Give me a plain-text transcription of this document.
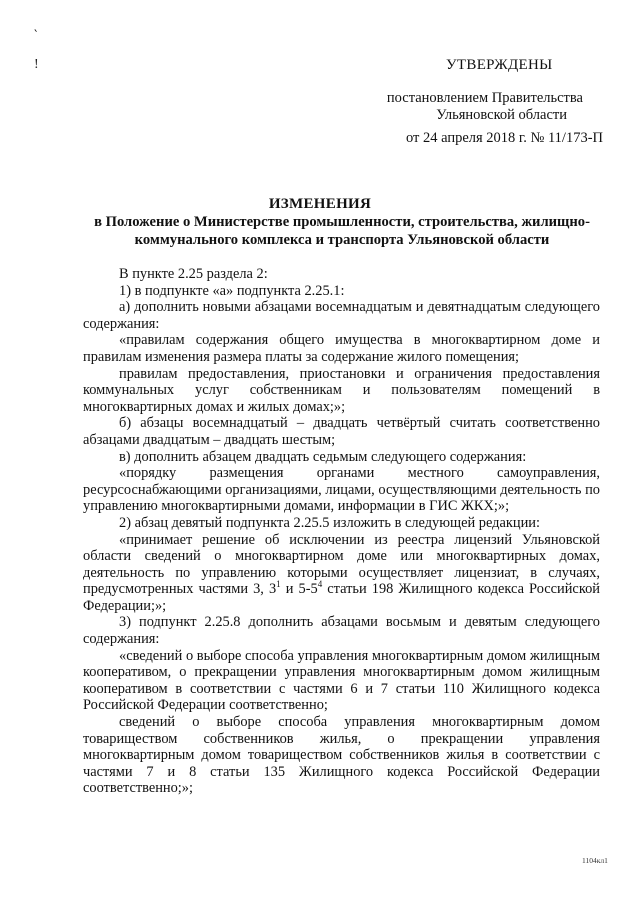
‵
!	УТВЕРЖДЕНЫ
постановлением Правительства
Ульяновской области
от 24 апреля 2018 г. № 11/173-П
ИЗМЕНЕНИЯ
в Положение о Министерстве промышленности, строительства, жилищно-коммунального комплекса и транспорта Ульяновской области

В пункте 2.25 раздела 2:

1) в подпункте «а» подпункта 2.25.1:

а) дополнить новыми абзацами восемнадцатым и девятнадцатым следующего содержания:

«правилам содержания общего имущества в многоквартирном доме и правилам изменения размера платы за содержание жилого помещения;

правилам предоставления, приостановки и ограничения предоставления коммунальных услуг собственникам и пользователям помещений в многоквартирных домах и жилых домах;»;

б) абзацы восемнадцатый – двадцать четвёртый считать соответственно абзацами двадцатым – двадцать шестым;

в) дополнить абзацем двадцать седьмым следующего содержания:

«порядку размещения органами местного самоуправления, ресурсоснабжающими организациями, лицами, осуществляющими деятельность по управлению многоквартирными домами, информации в ГИС ЖКХ;»;

2) абзац девятый подпункта 2.25.5 изложить в следующей редакции:

«принимает решение об исключении из реестра лицензий Ульяновской области сведений о многоквартирном доме или многоквартирных домах, деятельность по управлению которыми осуществляет лицензиат, в случаях, предусмотренных частями 3, $3^1$ и $5-5^4$ статьи 198 Жилищного кодекса Российской Федерации;»;

3) подпункт 2.25.8 дополнить абзацами восьмым и девятым следующего содержания:

«сведений о выборе способа управления многоквартирным домом жилищным кооперативом, о прекращении управления многоквартирным домом жилищным кооперативом в соответствии с частями 6 и 7 статьи 110 Жилищного кодекса Российской Федерации соответственно;

сведений о выборе способа управления многоквартирным домом товариществом собственников жилья, о прекращении управления многоквартирным домом товариществом собственников жилья в соответствии с частями 7 и 8 статьи 135 Жилищного кодекса Российской Федерации соответственно;»;

1104кл1
